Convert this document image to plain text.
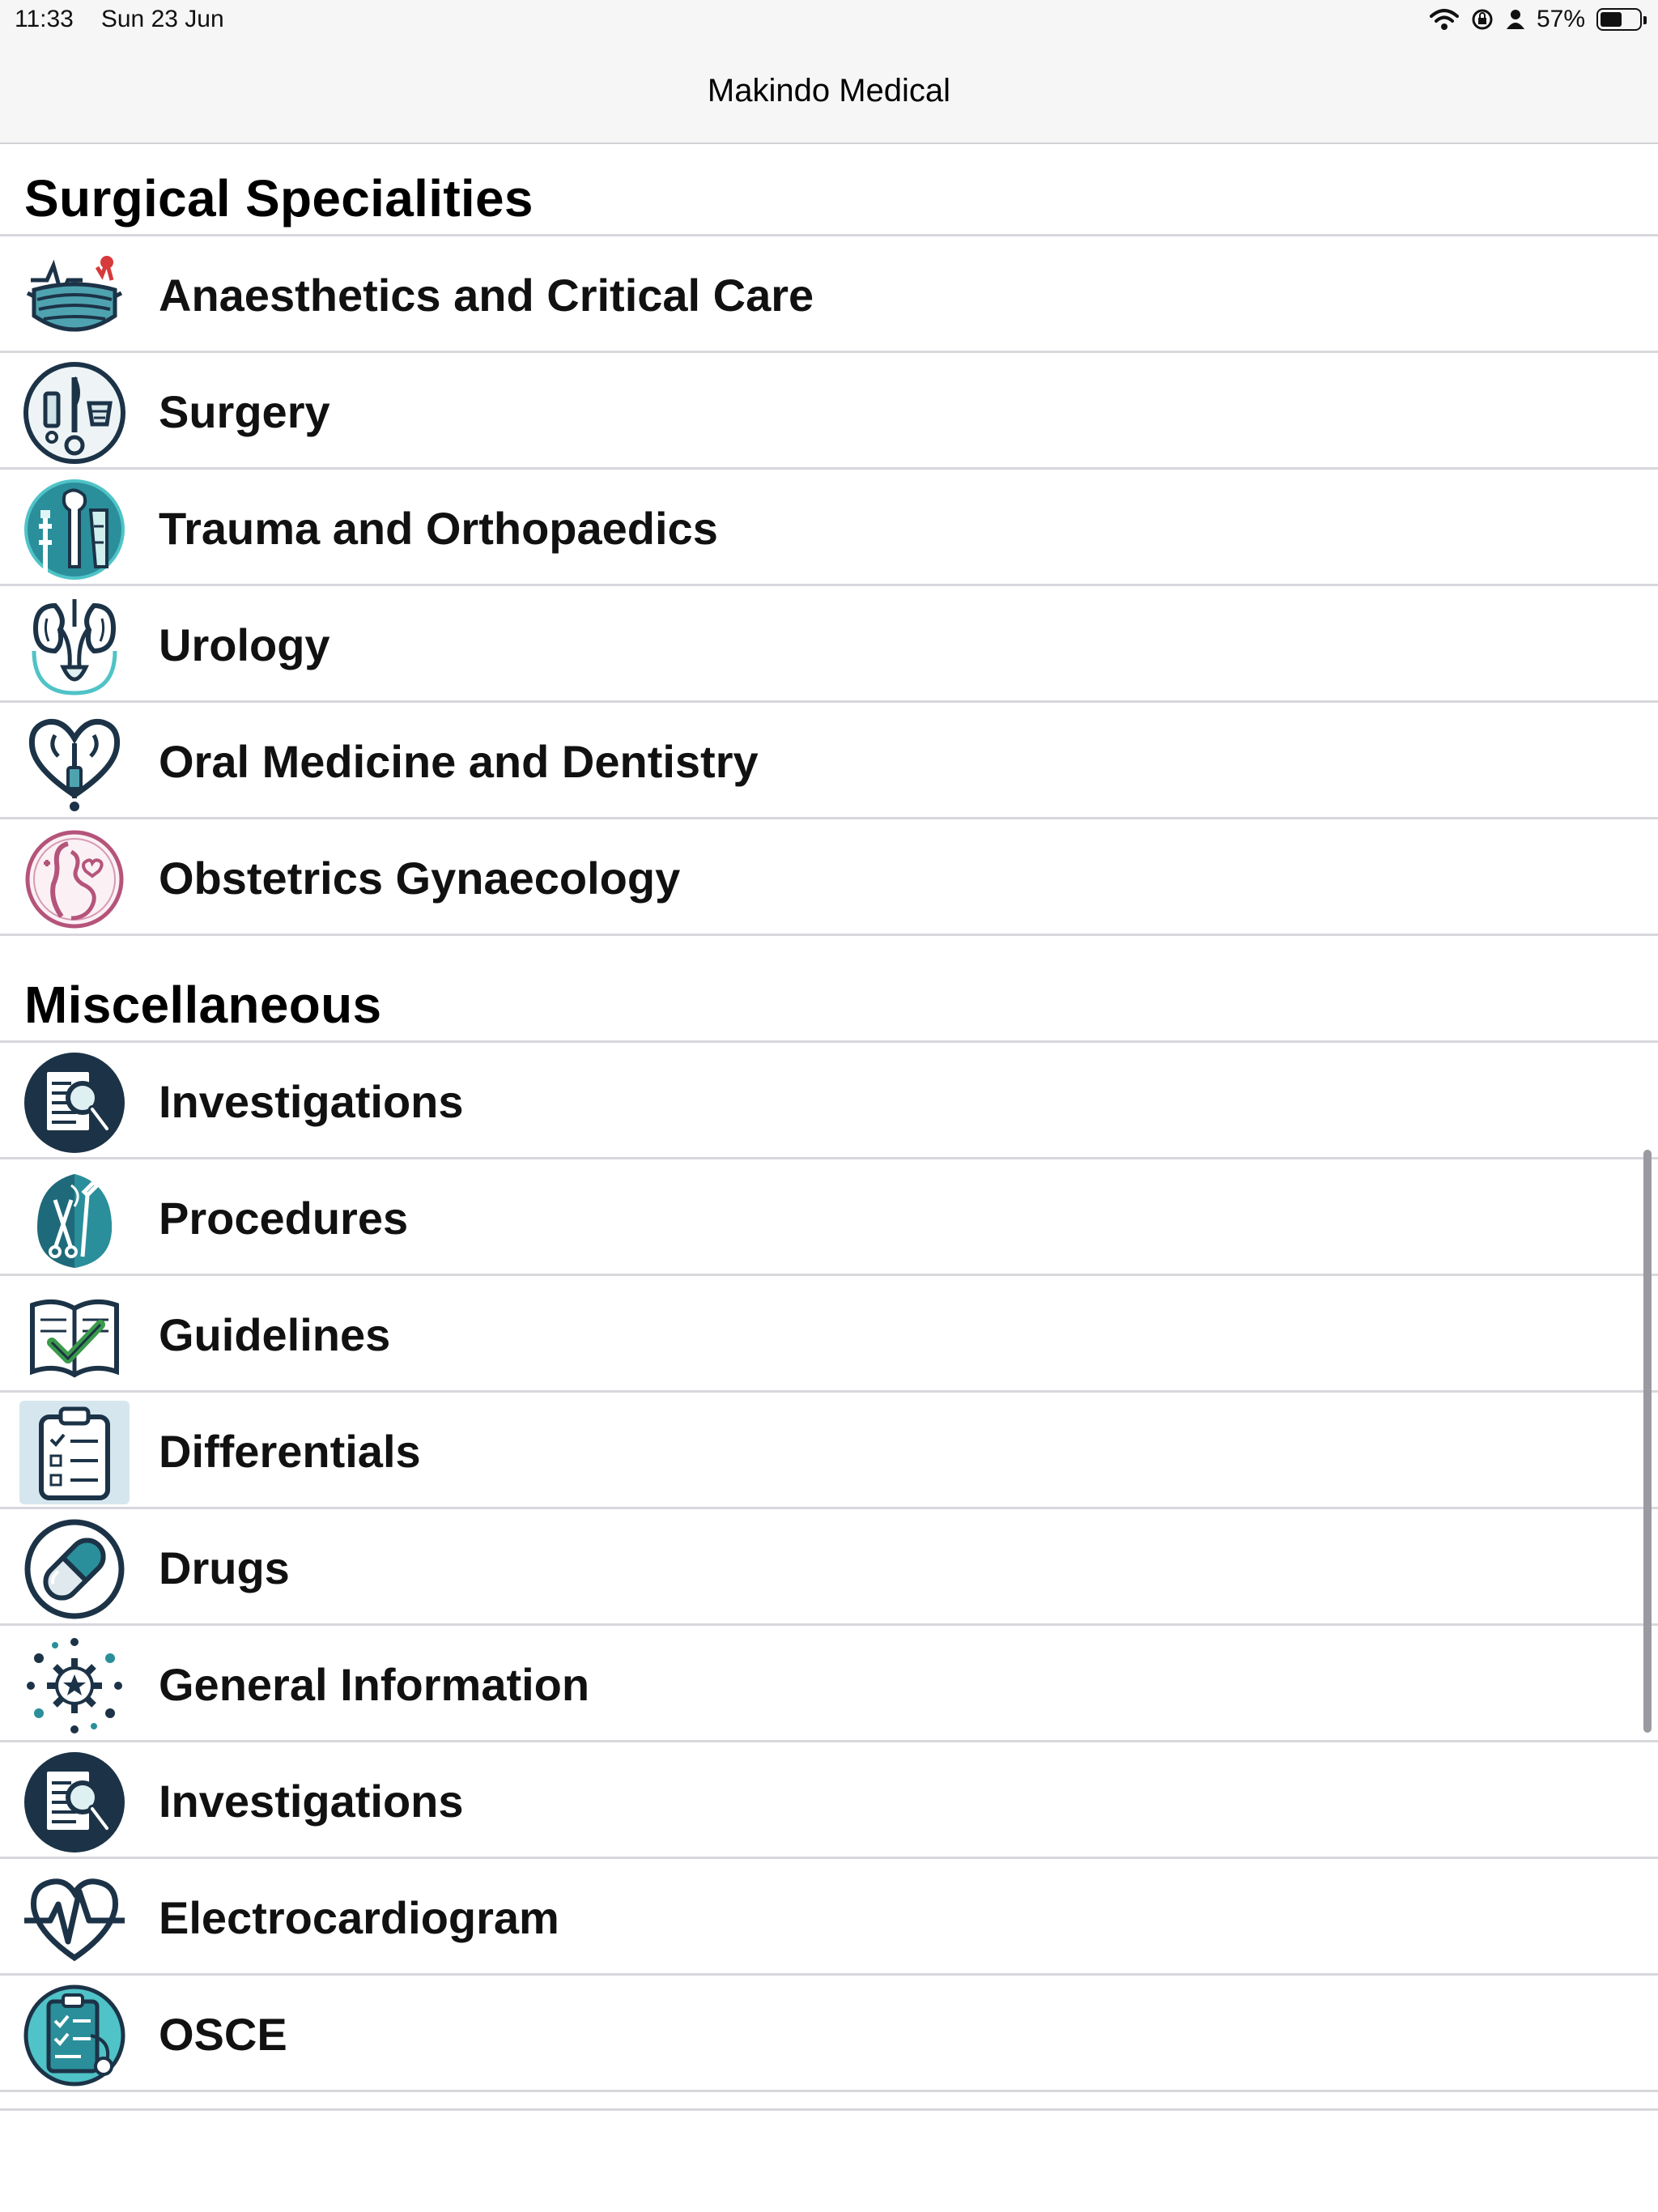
11:33 Sun 23 Jun	57%
Makindo Medical
Surgical Specialities
Anaesthetics and Critical Care
Surgery
Trauma and Orthopaedics
Urology
Oral Medicine and Dentistry
Obstetrics Gynaecology
Miscellaneous
Investigations
Procedures
Guidelines
Differentials
Drugs
General Information
Investigations
Electrocardiogram
OSCE
